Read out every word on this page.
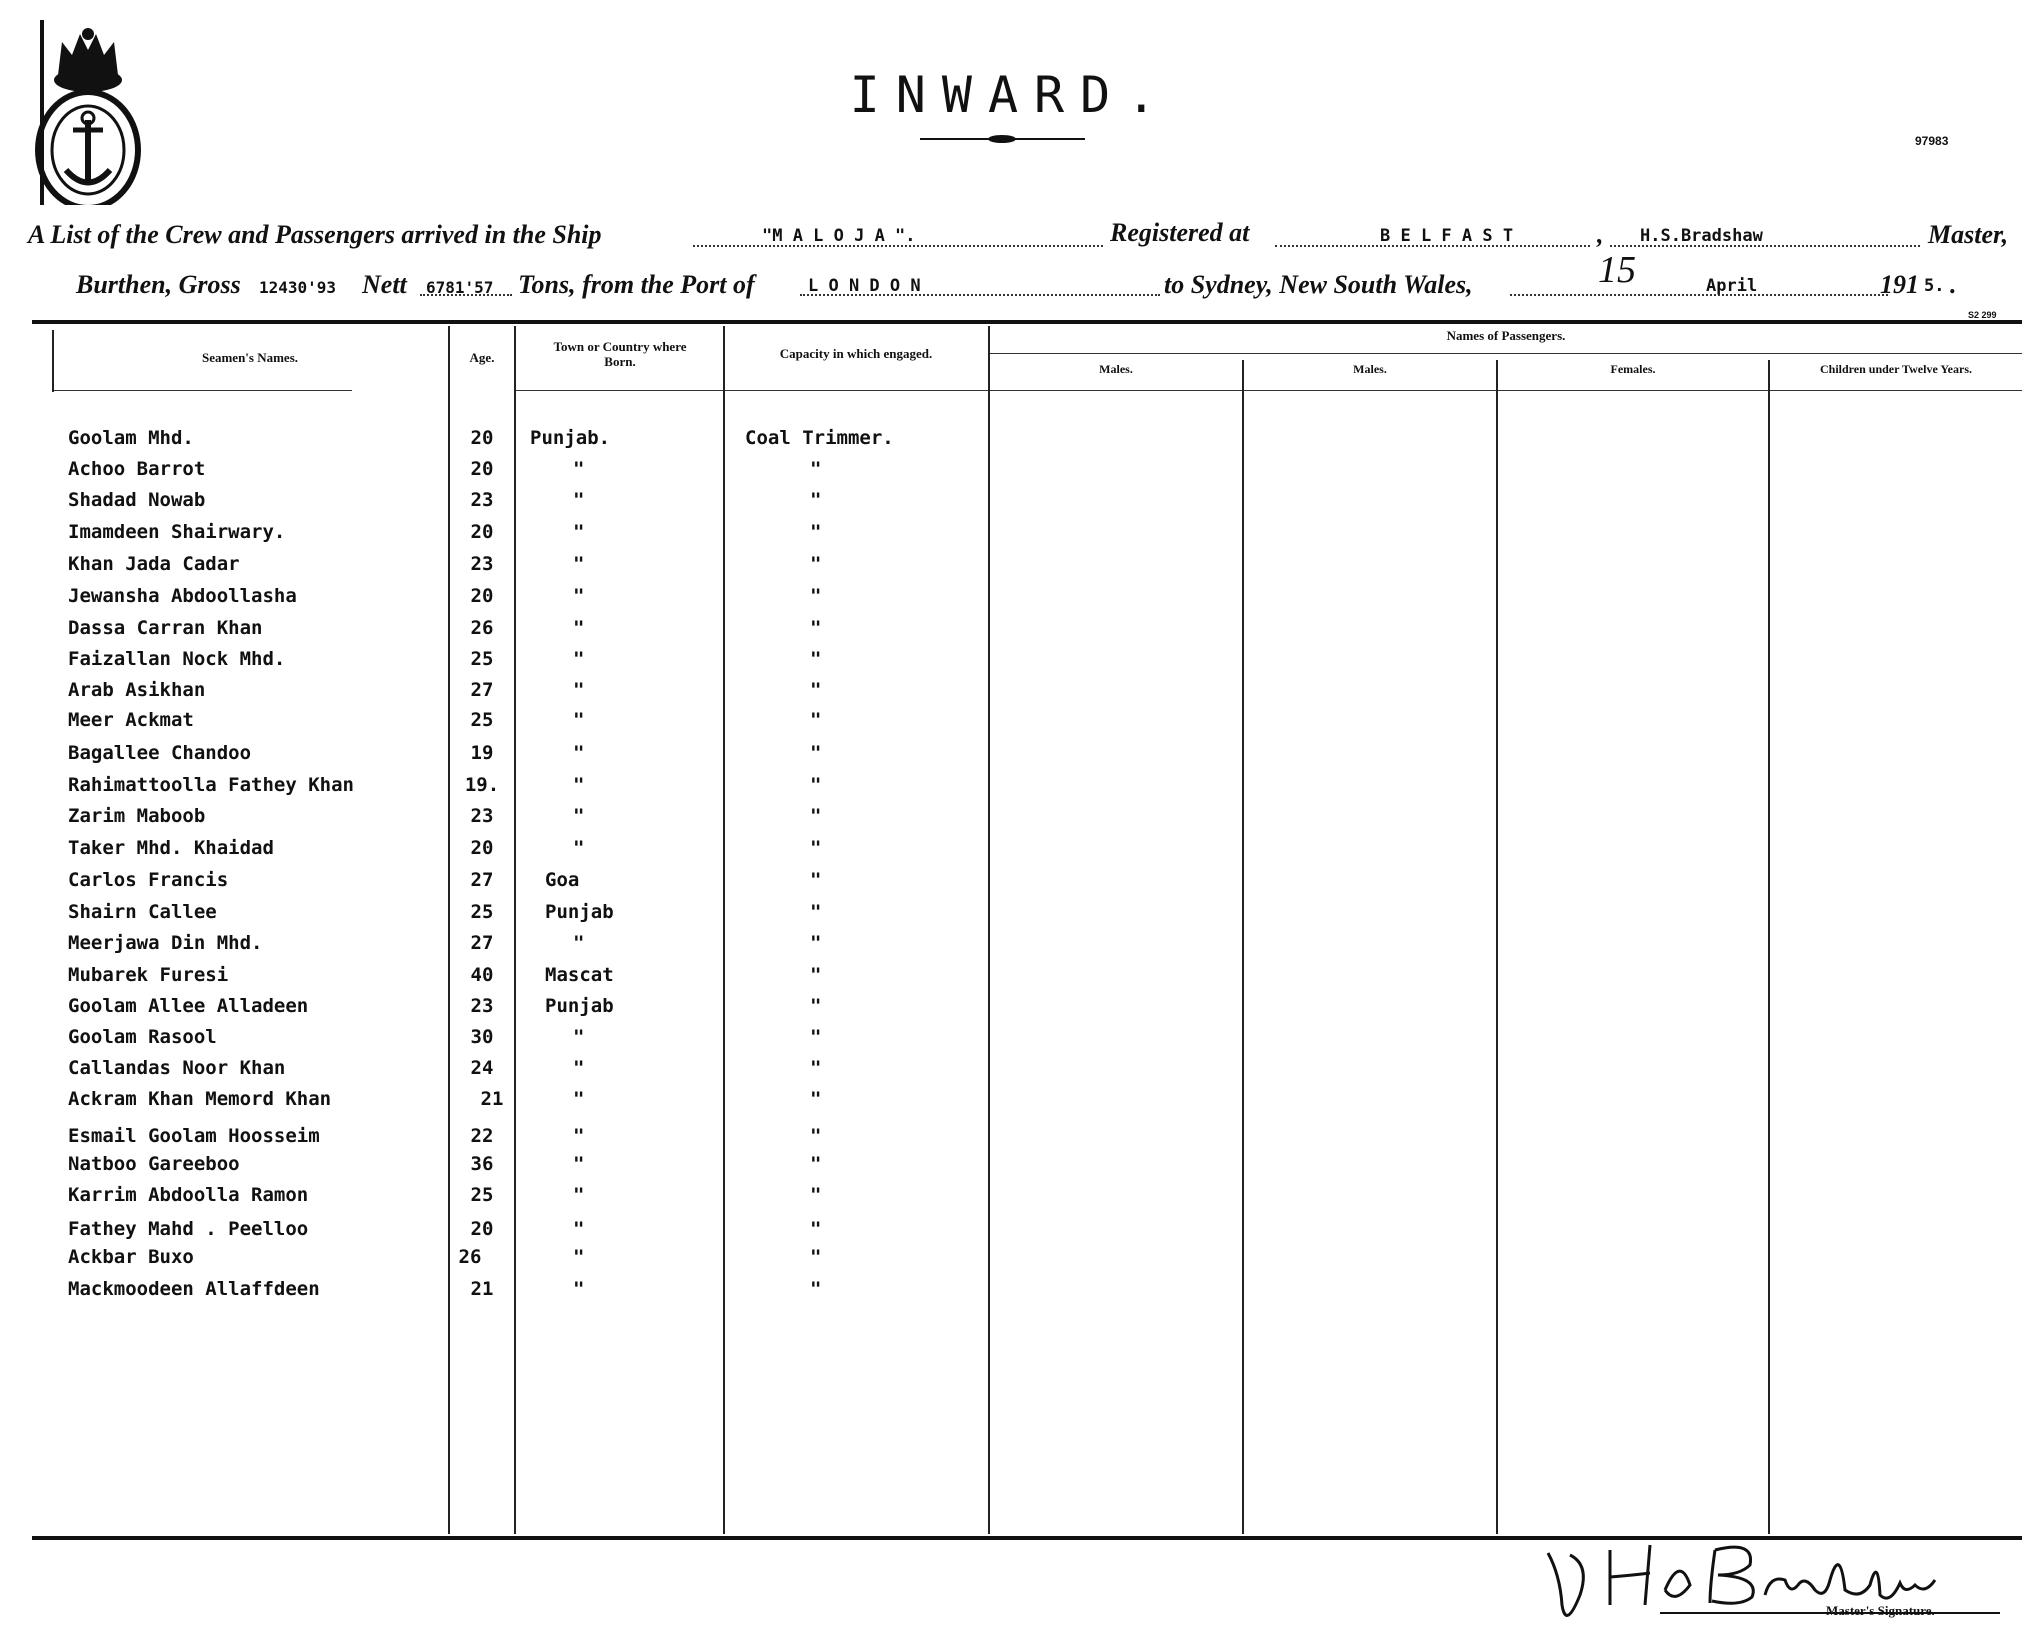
INWARD.
97983
A List of the Crew and Passengers arrived in the Ship	"M A L O J A ".	Registered at	B E L F A S T	, H.S.Bradshaw	Master,
Burthen, Gross 12430'93 Nett 6781'57 Tons, from the Port of	L O N D O N	to Sydney, New South Wales,	15	April	191 5. .
S2 299
Seamen's Names.	Age.
Town or Country where Born.
Capacity in which engaged.
Names of Passengers.
Males.	Males.	Females.	Children under Twelve Years.
Goolam Mhd.	20	Punjab.	Coal Trimmer.
Achoo Barrot	20	"	"
Shadad Nowab	23	"	"
Imamdeen Shairwary.	20	"	"
Khan Jada Cadar	23	"	"
Jewansha Abdoollasha	20	"	"
Dassa Carran Khan	26	"	"
Faizallan Nock Mhd.	25	"	"
Arab Asikhan	27	"	"
Meer Ackmat	25	"	"
Bagallee Chandoo	19	"	"
Rahimattoolla Fathey Khan	19.	"	"
Zarim Maboob	23	"	"
Taker Mhd. Khaidad	20	"	"
Carlos Francis	27	Goa	"
Shairn Callee	25	Punjab	"
Meerjawa Din Mhd.	27	"	"
Mubarek Furesi	40	Mascat	"
Goolam Allee Alladeen	23	Punjab	"
Goolam Rasool	30	"	"
Callandas Noor Khan	24	"	"
Ackram Khan Memord Khan	21	"	"
Esmail Goolam Hoosseim	22	"	"
Natboo Gareeboo	36	"	"
Karrim Abdoolla Ramon	25	"	"
Fathey Mahd . Peelloo	20	"	"
Ackbar Buxo	26	"	"
Mackmoodeen Allaffdeen	21	"	"
Master's Signature.
